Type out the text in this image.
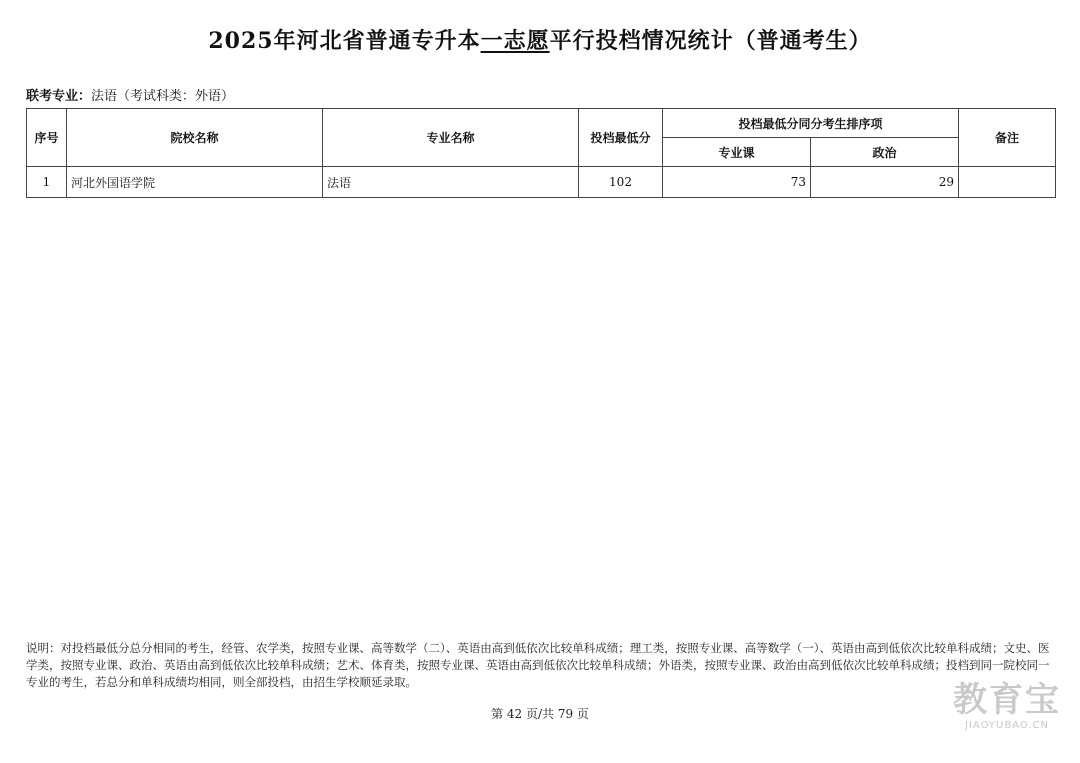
2025年河北省普通专升本一志愿平行投档情况统计（普通考生）
联考专业：法语（考试科类：外语）
序号	院校名称	专业名称	投档最低分	投档最低分同分考生排序项		备注
				专业课	政治	
1	河北外国语学院	法语	102	73	29	
说明：对投档最低分总分相同的考生，经管、农学类，按照专业课、高等数学（二）、英语由高到低依次比较单科成绩；理工类，按照专业课、高等数学（一）、英语由高到低依次比较单科成绩；文史、医学类，按照专业课、政治、英语由高到低依次比较单科成绩；艺术、体育类，按照专业课、英语由高到低依次比较单科成绩；外语类，按照专业课、政治由高到低依次比较单科成绩；投档到同一院校同一专业的考生，若总分和单科成绩均相同，则全部投档，由招生学校顺延录取。
第 42 页/共 79 页	教育宝
JIAOYUBAO.CN
